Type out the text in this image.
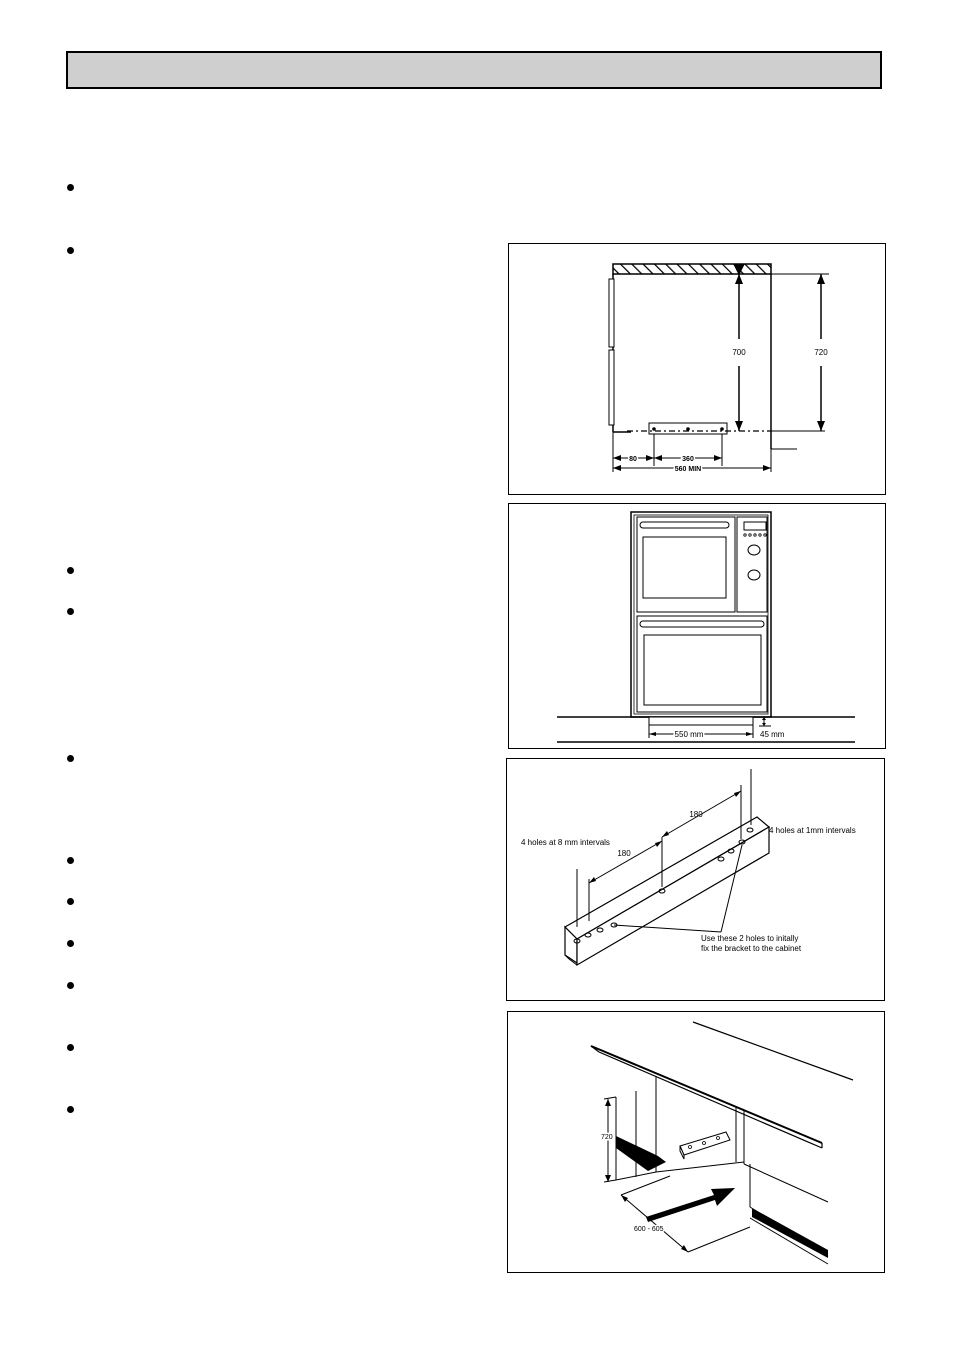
700	720
80	360
560 MIN
550 mm	45 mm
180
180
4 holes at 8 mm intervals
4 holes at 1mm intervals
Use these 2 holes to initally
fix the bracket to the cabinet
720
600 - 605
